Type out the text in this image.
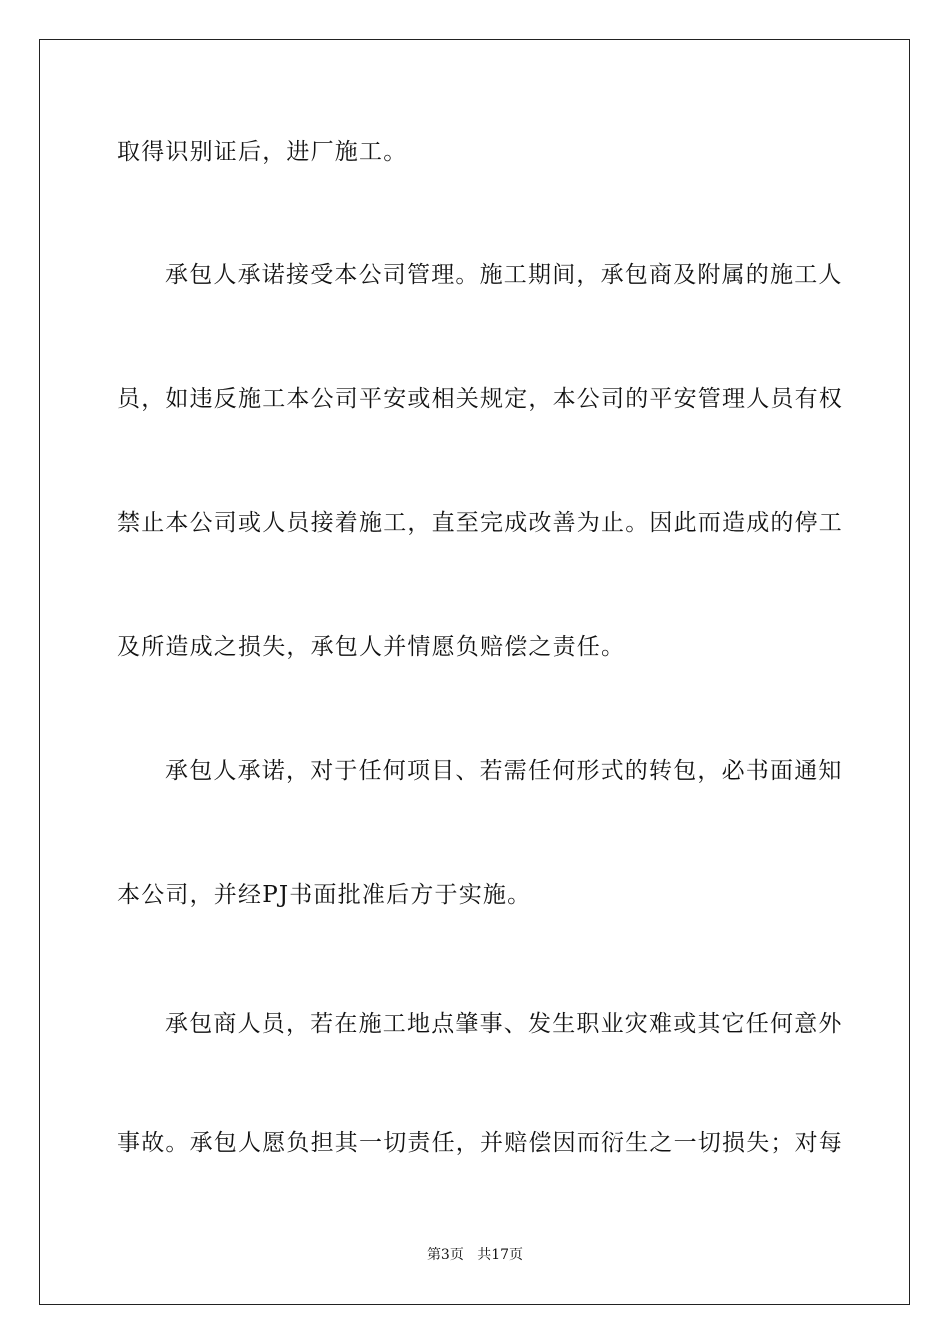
取得识别证后，进厂施工。
承包人承诺接受本公司管理。施工期间，承包商及附属的施工人
员，如违反施工本公司平安或相关规定，本公司的平安管理人员有权
禁止本公司或人员接着施工，直至完成改善为止。因此而造成的停工
及所造成之损失，承包人并情愿负赔偿之责任。
承包人承诺，对于任何项目、若需任何形式的转包，必书面通知
本公司，并经PJ书面批准后方于实施。
承包商人员，若在施工地点肇事、发生职业灾难或其它任何意外
事故。承包人愿负担其一切责任，并赔偿因而衍生之一切损失；对每
第3页 共17页
